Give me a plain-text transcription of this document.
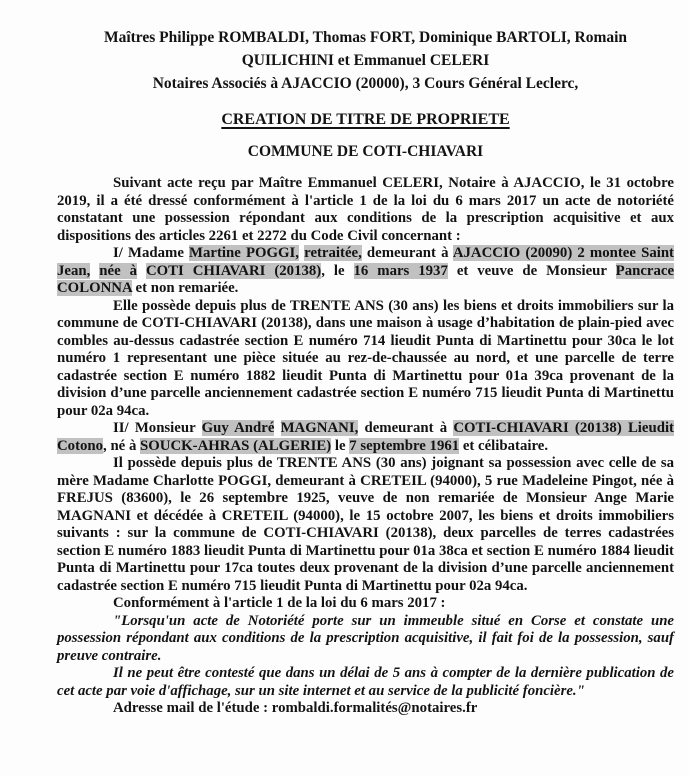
Maîtres Philippe ROMBALDI, Thomas FORT, Dominique BARTOLI, Romain
QUILICHINI et Emmanuel CELERI
Notaires Associés à AJACCIO (20000), 3 Cours Général Leclerc,
CREATION DE TITRE DE PROPRIETE
COMMUNE DE COTI-CHIAVARI

Suivant acte reçu par Maître Emmanuel CELERI, Notaire à AJACCIO, le 31 octobre 2019, il a été dressé conformément à l'article 1 de la loi du 6 mars 2017 un acte de notoriété constatant une possession répondant aux conditions de la prescription acquisitive et aux dispositions des articles 2261 et 2272 du Code Civil concernant :

I/ Madame Martine POGGI, retraitée, demeurant à AJACCIO (20090) 2 montee Saint Jean, née à COTI CHIAVARI (20138), le 16 mars 1937 et veuve de Monsieur Pancrace COLONNA et non remariée.

Elle possède depuis plus de TRENTE ANS (30 ans) les biens et droits immobiliers sur la commune de COTI-CHIAVARI (20138), dans une maison à usage d’habitation de plain-pied avec combles au-dessus cadastrée section E numéro 714 lieudit Punta di Martinettu pour 30ca le lot numéro 1 representant une pièce située au rez-de-chaussée au nord, et une parcelle de terre cadastrée section E numéro 1882 lieudit Punta di Martinettu pour 01a 39ca provenant de la division d’une parcelle anciennement cadastrée section E numéro 715 lieudit Punta di Martinettu pour 02a 94ca.

II/ Monsieur Guy André MAGNANI, demeurant à COTI-CHIAVARI (20138) Lieudit Cotono, né à SOUCK-AHRAS (ALGERIE) le 7 septembre 1961 et célibataire.

Il possède depuis plus de TRENTE ANS (30 ans) joignant sa possession avec celle de sa mère Madame Charlotte POGGI, demeurant à CRETEIL (94000), 5 rue Madeleine Pingot, née à FREJUS (83600), le 26 septembre 1925, veuve de non remariée de Monsieur Ange Marie MAGNANI et décédée à CRETEIL (94000), le 15 octobre 2007, les biens et droits immobiliers suivants : sur la commune de COTI-CHIAVARI (20138), deux parcelles de terres cadastrées section E numéro 1883 lieudit Punta di Martinettu pour 01a 38ca et section E numéro 1884 lieudit Punta di Martinettu pour 17ca toutes deux provenant de la division d’une parcelle anciennement cadastrée section E numéro 715 lieudit Punta di Martinettu pour 02a 94ca.

Conformément à l'article 1 de la loi du 6 mars 2017 :

"Lorsqu'un acte de Notoriété porte sur un immeuble situé en Corse et constate une possession répondant aux conditions de la prescription acquisitive, il fait foi de la possession, sauf preuve contraire.

Il ne peut être contesté que dans un délai de 5 ans à compter de la dernière publication de cet acte par voie d'affichage, sur un site internet et au service de la publicité foncière."

Adresse mail de l'étude : rombaldi.formalités@notaires.fr
